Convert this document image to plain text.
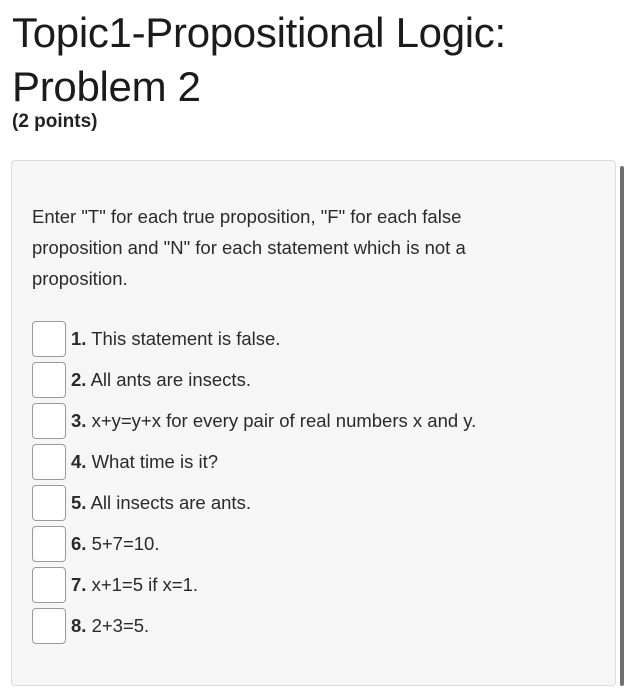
Topic1-Propositional Logic: Problem 2
(2 points)

Enter "T" for each true proposition, "F" for each false proposition and "N" for each statement which is not a proposition.

1. This statement is false.
2. All ants are insects.
3. x+y=y+x for every pair of real numbers x and y.
4. What time is it?
5. All insects are ants.
6. 5+7=10.
7. x+1=5 if x=1.
8. 2+3=5.
